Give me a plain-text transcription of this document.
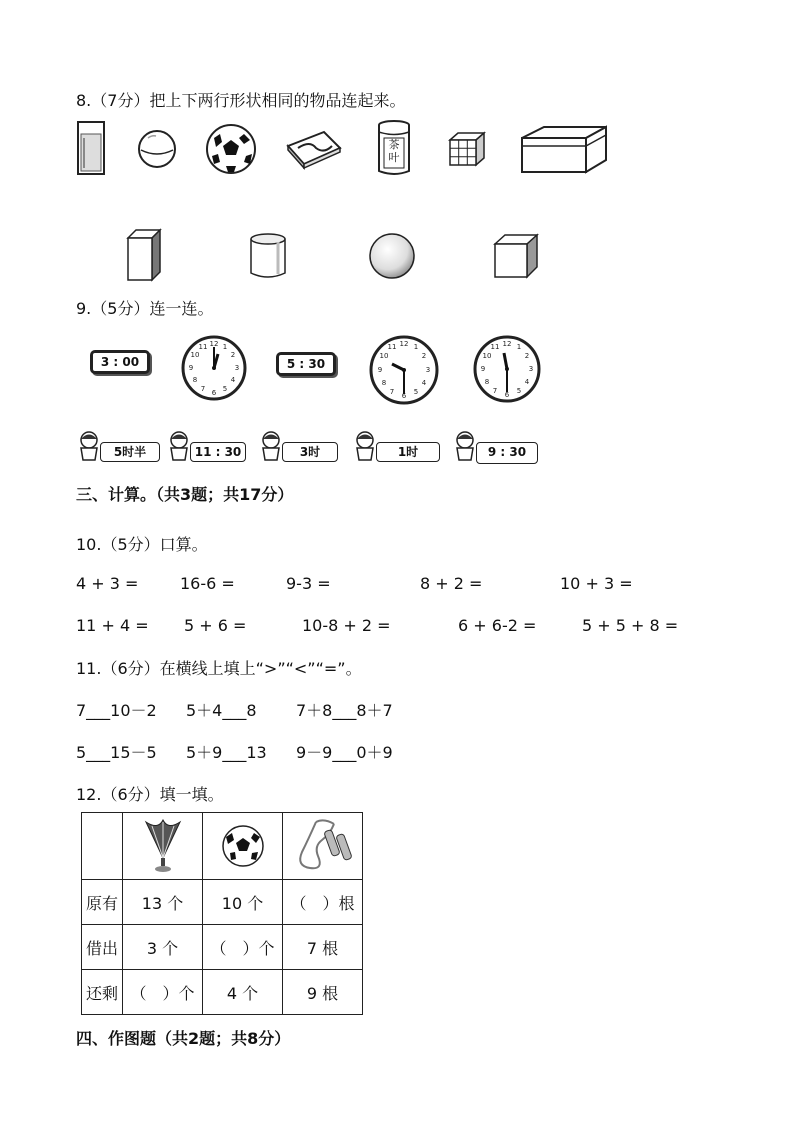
8.（7分）把上下两行形状相同的物品连起来。
茶
叶
9.（5分）连一连。
3 : 00
12 1
2
3
4
5
6
7
8
9
10
11
5 : 30
12 1
2
3
4
5
6
7
8
9
10
11	12 1
2
3
4
5
6
7
8
9
10
11
5时半	11 : 30	3时	1时	9 : 30
三、计算。（共3题；共17分）
10.（5分）口算。
4 + 3 =	16-6 =	9-3 =	8 + 2 =	10 + 3 =
11 + 4 = 5 + 6 =	10-8 + 2 =	6 + 6-2 =	5 + 5 + 8 =
11.（6分）在横线上填上“>”“<”“=”。
7___10－2 5＋4___8 7＋8___8＋7
5___15－5 5＋9___13 9－9___0＋9
12.（6分）填一填。

原有	13 个	10 个	（　）根
借出	3 个	（　）个	7 根
还剩	（　）个	4 个	9 根
四、作图题（共2题；共8分）
